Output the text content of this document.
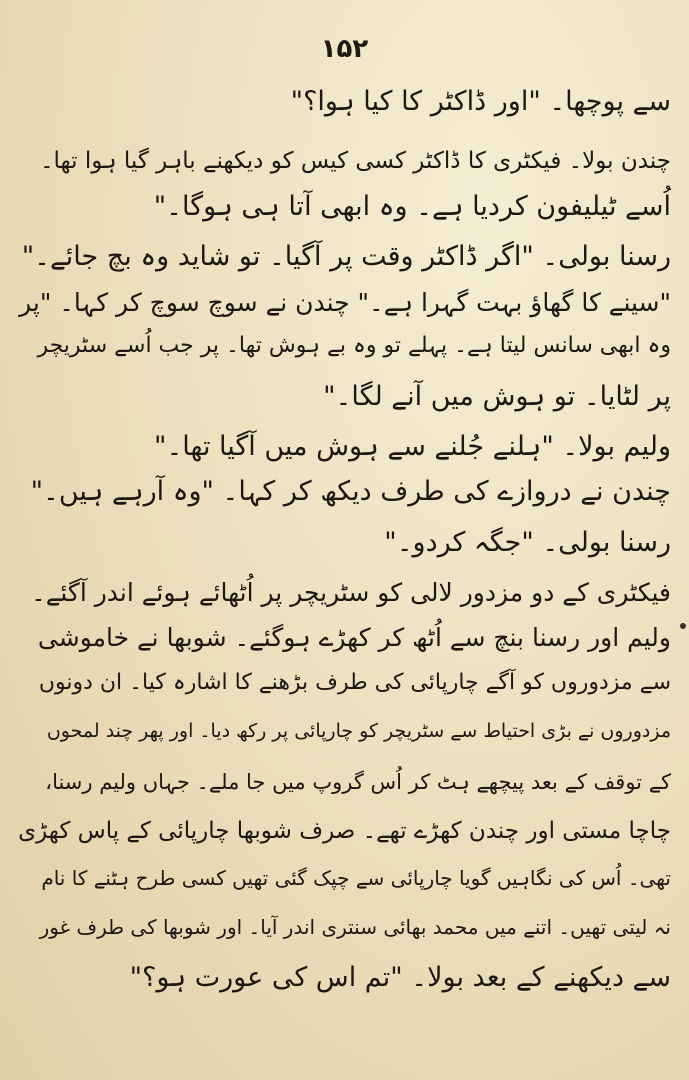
۱۵۲
سے پوچھا۔ "اور ڈاکٹر کا کیا ہوا؟"
چندن بولا۔ فیکٹری کا ڈاکٹر کسی کیس کو دیکھنے باہر گیا ہوا تھا۔
اُسے ٹیلیفون کردیا ہے۔ وہ ابھی آتا ہی ہوگا۔"
رسنا بولی۔ "اگر ڈاکٹر وقت پر آگیا۔ تو شاید وہ بچ جائے۔"
"سینے کا گھاؤ بہت گہرا ہے۔" چندن نے سوچ سوچ کر کہا۔ "پر
وہ ابھی سانس لیتا ہے۔ پہلے تو وہ بے ہوش تھا۔ پر جب اُسے سٹریچر
پر لٹایا۔ تو ہوش میں آنے لگا۔"
ولیم بولا۔ "ہلنے جُلنے سے ہوش میں آگیا تھا۔"
چندن نے دروازے کی طرف دیکھ کر کہا۔ "وہ آرہے ہیں۔"
رسنا بولی۔ "جگہ کردو۔"
فیکٹری کے دو مزدور لالی کو سٹریچر پر اُٹھائے ہوئے اندر آگئے۔
ولیم اور رسنا بنچ سے اُٹھ کر کھڑے ہوگئے۔ شوبھا نے خاموشی
سے مزدوروں کو آگے چارپائی کی طرف بڑھنے کا اشارہ کیا۔ ان دونوں
مزدوروں نے بڑی احتیاط سے سٹریچر کو چارپائی پر رکھ دیا۔ اور پھر چند لمحوں
کے توقف کے بعد پیچھے ہٹ کر اُس گروپ میں جا ملے۔ جہاں ولیم رسنا،
چاچا مستی اور چندن کھڑے تھے۔ صرف شوبھا چارپائی کے پاس کھڑی
تھی۔ اُس کی نگاہیں گویا چارپائی سے چپک گئی تھیں کسی طرح ہٹنے کا نام
نہ لیتی تھیں۔ اتنے میں محمد بھائی سنتری اندر آیا۔ اور شوبھا کی طرف غور
سے دیکھنے کے بعد بولا۔ "تم اس کی عورت ہو؟"
